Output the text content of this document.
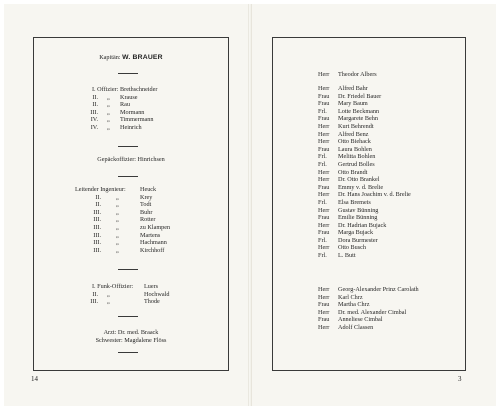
Kapitän: W. BRAUER
I. Offizier: Brethschneider
II. „ Krause
II. „ Rau
III. „ Mormann
IV. „ Timmermann
IV. „ Heinrich
Gepäckoffizier: Hinrichsen
Leitender Ingenieur: Heuck
II. „	Krey
II. „	Todt
III. „	Buhr
III. „	Rotter
III. „	zu Klampen
III. „	Martens
III. „	Hachmann
III. „	Kirchhoff
I. Funk-Offizier: Luers
II. „	Hochwald
III. „	Thode
Arzt: Dr. med. Braack
Schwester: Magdalene Flöss
14
Herr Theodor Albers
Herr Alfred Bahr
Frau Dr. Friedel Bauer
Frau Mary Baum
Frl. Lotte Beckmann
Frau Margarete Behn
Herr Kurt Behrendt
Herr Alfred Benz
Herr Otto Biehack
Frau Laura Bohlen
Frl. Melitta Bohlen
Frl. Gertrud Bolles
Herr Otto Brandt
Herr Dr. Otto Brankel
Frau Emmy v. d. Brelie
Herr Dr. Hans Joachim v. d. Brelie
Frl. Elsa Bremeis
Herr Gustav Bünning
Frau Emilie Bünning
Herr Dr. Hadrian Bujack
Frau Marga Bujack
Frl. Dora Burmester
Herr Otto Busch
Frl. L. Butt
Herr Georg-Alexander Prinz Carolath
Herr Karl Chrz
Frau Martha Chrz
Herr Dr. med. Alexander Cimbal
Frau Anneliese Cimbal
Herr Adolf Classen
3
